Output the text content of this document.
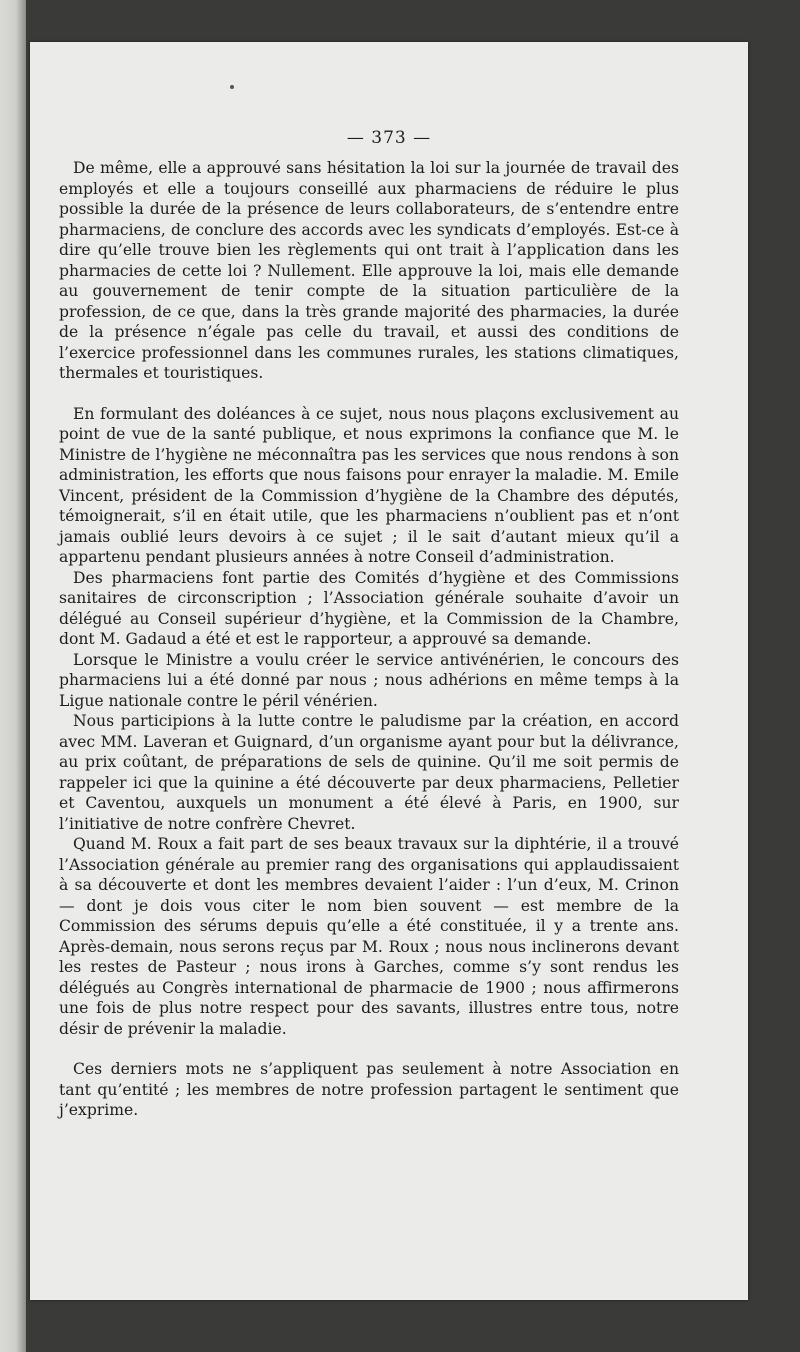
— 373 —

De même, elle a approuvé sans hésitation la loi sur la journée de travail des employés et elle a toujours conseillé aux pharmaciens de réduire le plus possible la durée de la présence de leurs collaborateurs, de s’entendre entre pharmaciens, de conclure des accords avec les syndicats d’employés. Est-ce à dire qu’elle trouve bien les règlements qui ont trait à l’application dans les pharmacies de cette loi ? Nullement. Elle approuve la loi, mais elle demande au gouvernement de tenir compte de la situation particulière de la profession, de ce que, dans la très grande majorité des pharmacies, la durée de la présence n’égale pas celle du travail, et aussi des conditions de l’exercice professionnel dans les communes rurales, les stations climatiques, thermales et touristiques.

En formulant des doléances à ce sujet, nous nous plaçons exclusivement au point de vue de la santé publique, et nous exprimons la confiance que M. le Ministre de l’hygiène ne méconnaîtra pas les services que nous rendons à son administration, les efforts que nous faisons pour enrayer la maladie. M. Emile Vincent, président de la Commission d’hygiène de la Chambre des députés, témoignerait, s’il en était utile, que les pharmaciens n’oublient pas et n’ont jamais oublié leurs devoirs à ce sujet ; il le sait d’autant mieux qu’il a appartenu pendant plusieurs années à notre Conseil d’administration.

Des pharmaciens font partie des Comités d’hygiène et des Commissions sanitaires de circonscription ; l’Association générale souhaite d’avoir un délégué au Conseil supérieur d’hygiène, et la Commission de la Chambre, dont M. Gadaud a été et est le rapporteur, a approuvé sa demande.

Lorsque le Ministre a voulu créer le service antivénérien, le concours des pharmaciens lui a été donné par nous ; nous adhérions en même temps à la Ligue nationale contre le péril vénérien.

Nous participions à la lutte contre le paludisme par la création, en accord avec MM. Laveran et Guignard, d’un organisme ayant pour but la délivrance, au prix coûtant, de préparations de sels de quinine. Qu’il me soit permis de rappeler ici que la quinine a été découverte par deux pharmaciens, Pelletier et Caventou, auxquels un monument a été élevé à Paris, en 1900, sur l’initiative de notre confrère Chevret.

Quand M. Roux a fait part de ses beaux travaux sur la diphtérie, il a trouvé l’Association générale au premier rang des organisations qui applaudissaient à sa découverte et dont les membres devaient l’aider : l’un d’eux, M. Crinon — dont je dois vous citer le nom bien souvent — est membre de la Commission des sérums depuis qu’elle a été constituée, il y a trente ans. Après-demain, nous serons reçus par M. Roux ; nous nous inclinerons devant les restes de Pasteur ; nous irons à Garches, comme s’y sont rendus les délégués au Congrès international de pharmacie de 1900 ; nous affirmerons une fois de plus notre respect pour des savants, illustres entre tous, notre désir de prévenir la maladie.

Ces derniers mots ne s’appliquent pas seulement à notre Association en tant qu’entité ; les membres de notre profession partagent le sentiment que j’exprime.
